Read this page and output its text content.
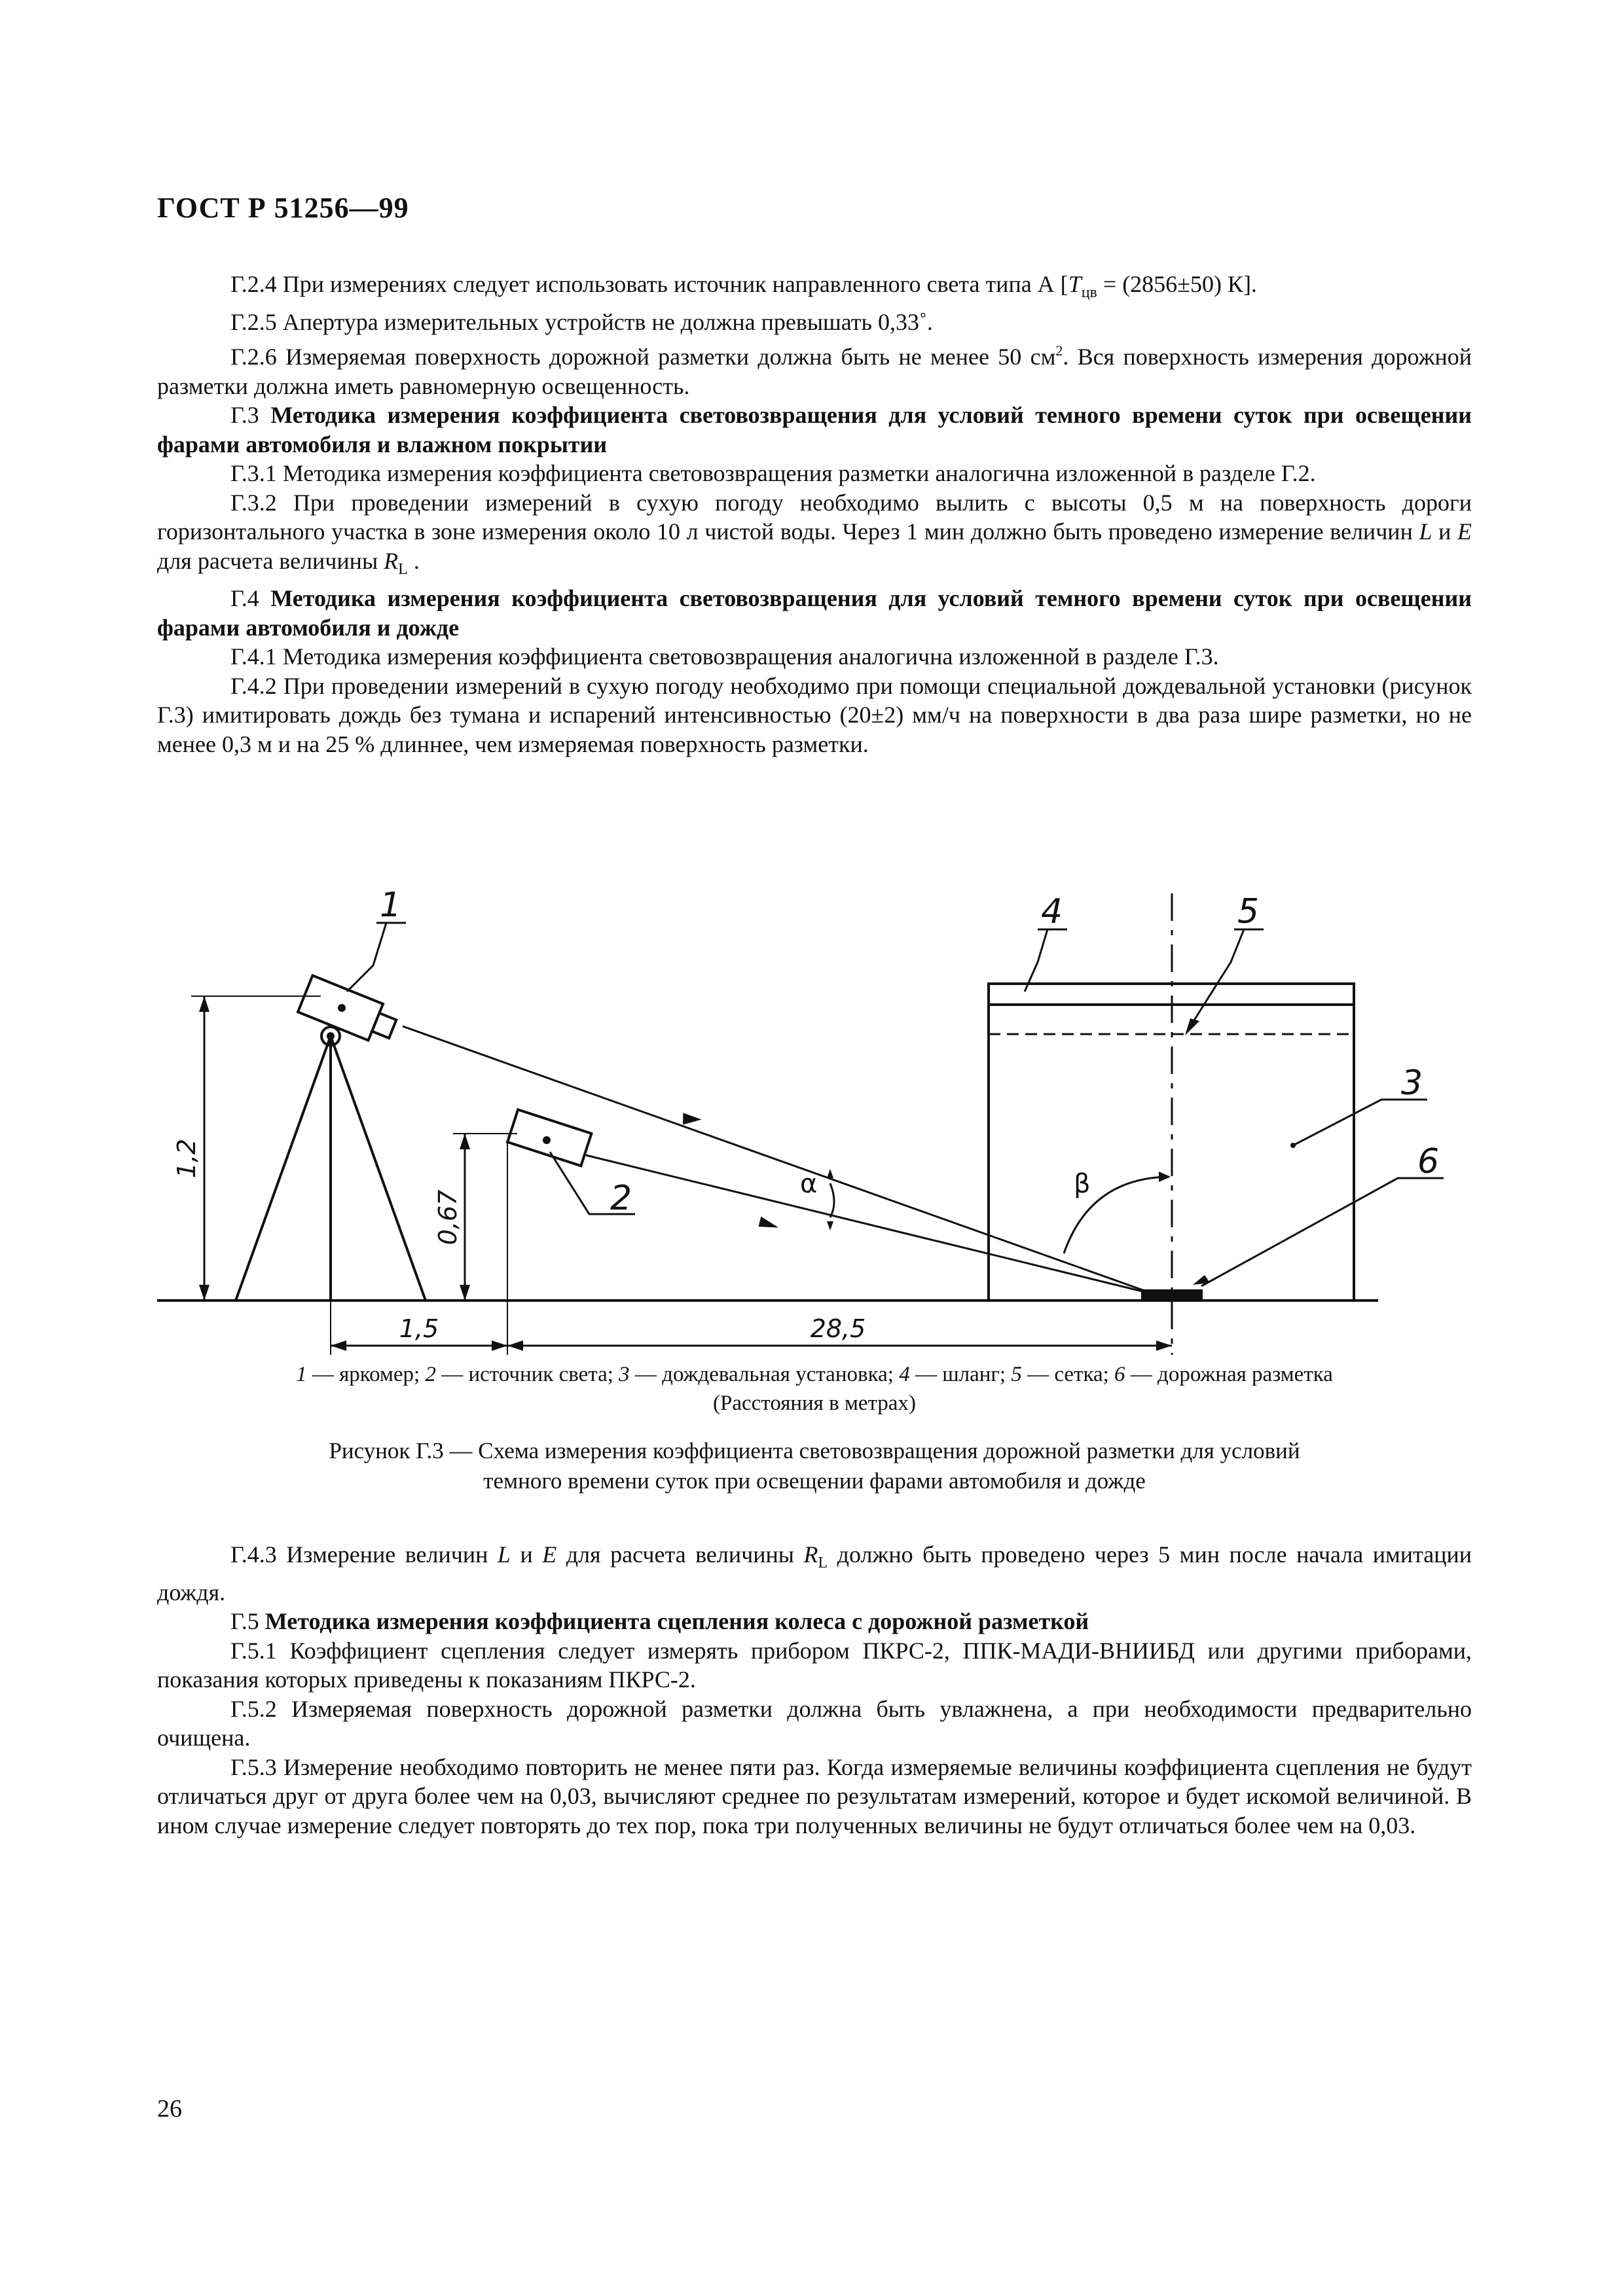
ГОСТ Р 51256—99

Г.2.4 При измерениях следует использовать источник направленного света типа А [$T_{цв} = (2856\pm 50)$ К].

Г.2.5 Апертура измерительных устройств не должна превышать 0,33˚.

Г.2.6 Измеряемая поверхность дорожной разметки должна быть не менее 50 $см^2$. Вся поверхность измерения дорожной разметки должна иметь равномерную освещенность.

Г.3 Методика измерения коэффициента световозвращения для условий темного времени суток при освещении фарами автомобиля и влажном покрытии

Г.3.1 Методика измерения коэффициента световозвращения разметки аналогична изложенной в разделе Г.2.

Г.3.2 При проведении измерений в сухую погоду необходимо вылить с высоты 0,5 м на поверхность дороги горизонтального участка в зоне измерения около 10 л чистой воды. Через 1 мин должно быть проведено измерение величин L и E для расчета величины $R_L$ .

Г.4 Методика измерения коэффициента световозвращения для условий темного времени суток при освещении фарами автомобиля и дожде

Г.4.1 Методика измерения коэффициента световозвращения аналогична изложенной в разделе Г.3.

Г.4.2 При проведении измерений в сухую погоду необходимо при помощи специальной дождевальной установки (рисунок Г.3) имитировать дождь без тумана и испарений интенсивностью (20±2) мм/ч на поверхности в два раза шире разметки, но не менее 0,3 м и на 25 % длиннее, чем измеряемая поверхность разметки.

1	4	5
3
6
2
1,2
0,67
1,5	28,5
α	β
1 — яркомер; 2 — источник света; 3 — дождевальная установка; 4 — шланг; 5 — сетка; 6 — дорожная разметка
(Расстояния в метрах)
Рисунок Г.3 — Схема измерения коэффициента световозвращения дорожной разметки для условий
темного времени суток при освещении фарами автомобиля и дожде

Г.4.3 Измерение величин L и E для расчета величины $R_L$ должно быть проведено через 5 мин после начала имитации дождя.

Г.5 Методика измерения коэффициента сцепления колеса с дорожной разметкой

Г.5.1 Коэффициент сцепления следует измерять прибором ПКРС-2, ППК-МАДИ-ВНИИБД или другими приборами, показания которых приведены к показаниям ПКРС-2.

Г.5.2 Измеряемая поверхность дорожной разметки должна быть увлажнена, а при необходимости предварительно очищена.

Г.5.3 Измерение необходимо повторить не менее пяти раз. Когда измеряемые величины коэффициента сцепления не будут отличаться друг от друга более чем на 0,03, вычисляют среднее по результатам измерений, которое и будет искомой величиной. В ином случае измерение следует повторять до тех пор, пока три полученных величины не будут отличаться более чем на 0,03.

26
